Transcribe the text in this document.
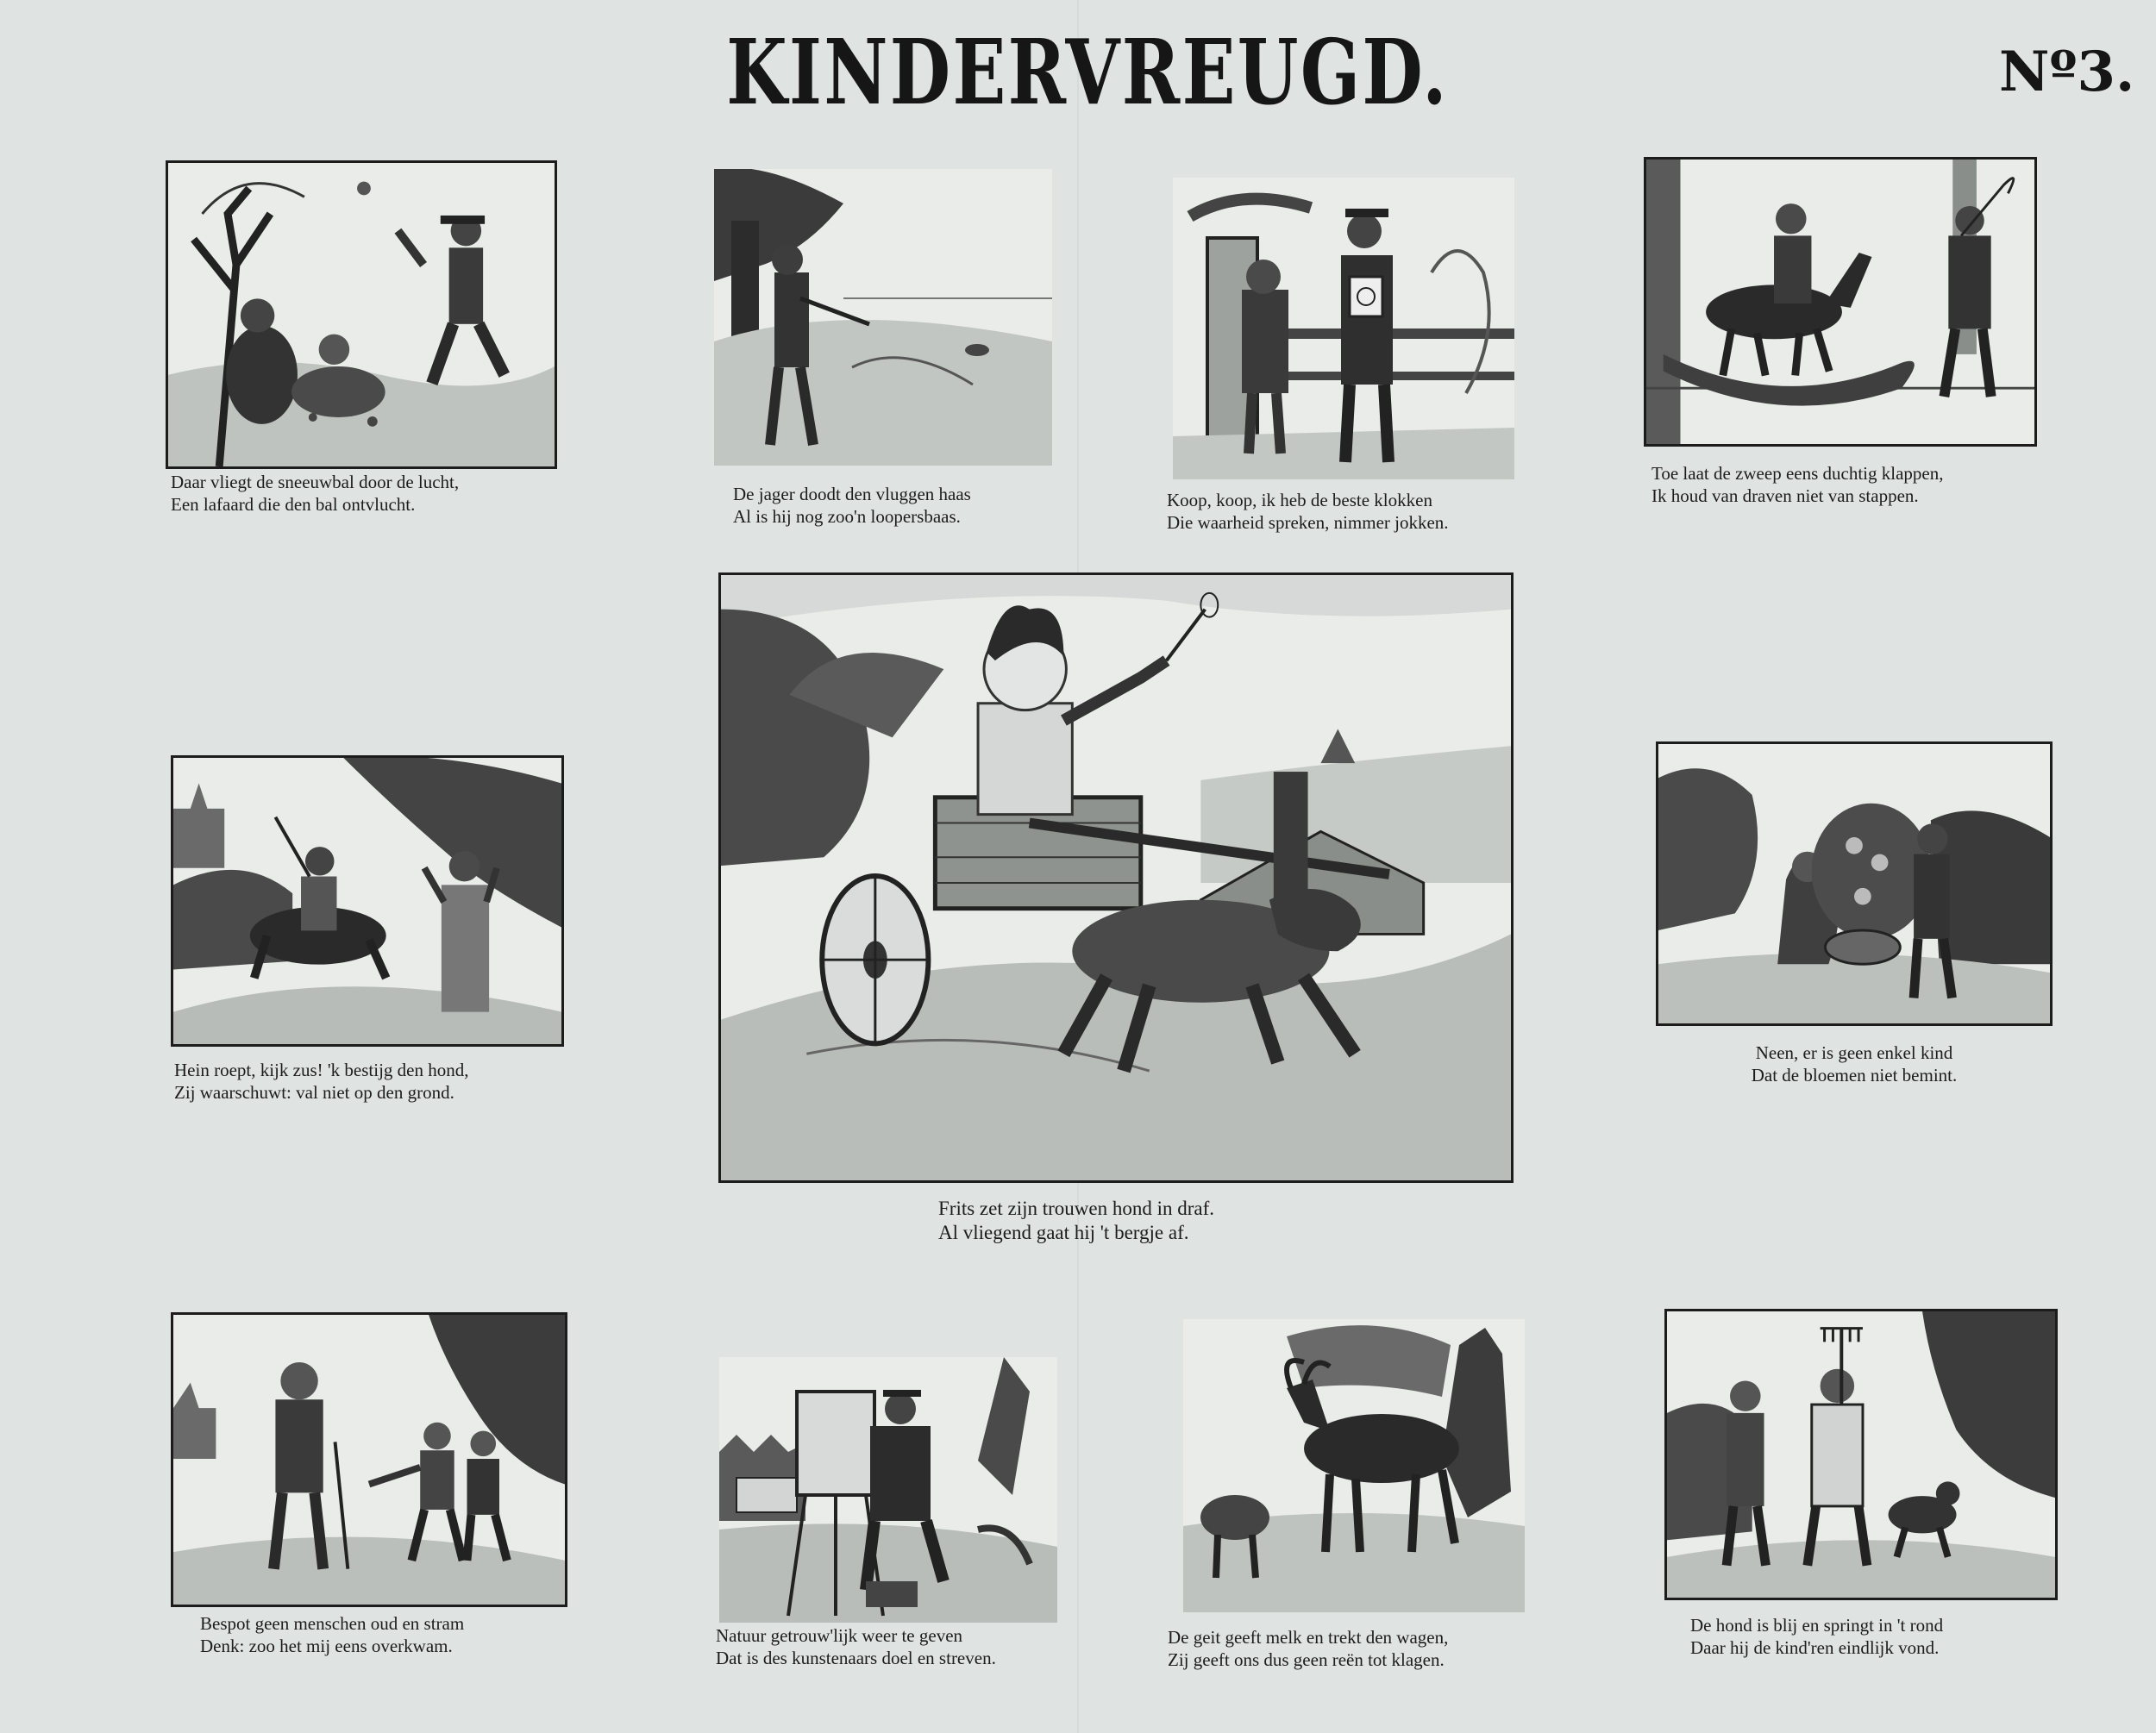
KINDERVREUGD.	Nº3.
Daar vliegt de sneeuwbal door de lucht,
Een lafaard die den bal ontvlucht.	De jager doodt den vluggen haas
Al is hij nog zoo'n loopersbaas.
Koop, koop, ik heb de beste klokken
Die waarheid spreken, nimmer jokken.
Toe laat de zweep eens duchtig klappen,
Ik houd van draven niet van stappen.
Hein roept, kijk zus! 'k bestijg den hond,
Zij waarschuwt: val niet op den grond.
Frits zet zijn trouwen hond in draf.
Al vliegend gaat hij 't bergje af.
Neen, er is geen enkel kind
Dat de bloemen niet bemint.
Bespot geen menschen oud en stram
Denk: zoo het mij eens overkwam.	Natuur getrouw'lijk weer te geven
Dat is des kunstenaars doel en streven.
De geit geeft melk en trekt den wagen,
Zij geeft ons dus geen reën tot klagen.
De hond is blij en springt in 't rond
Daar hij de kind'ren eindlijk vond.
